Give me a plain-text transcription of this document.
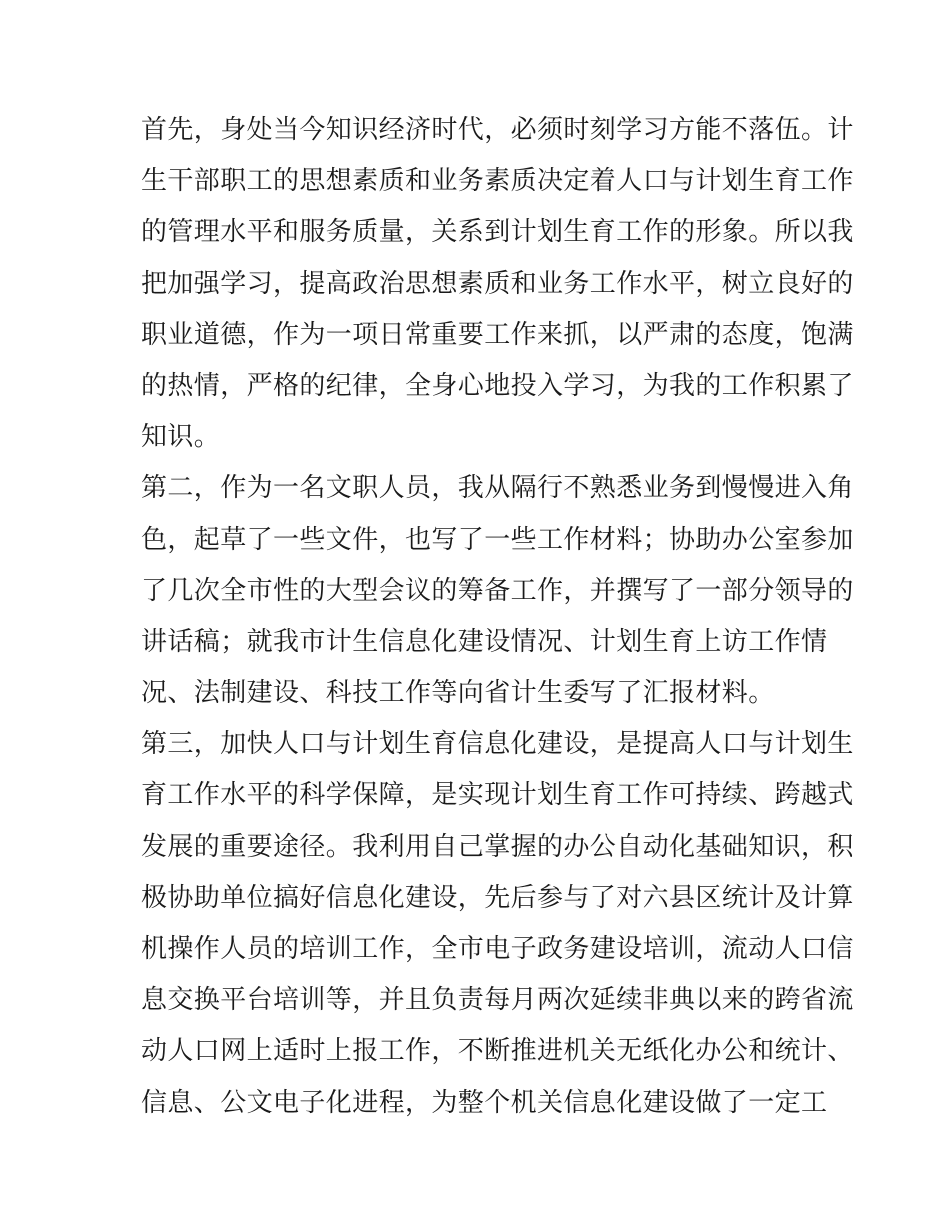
首先，身处当今知识经济时代，必须时刻学习方能不落伍。计
生干部职工的思想素质和业务素质决定着人口与计划生育工作
的管理水平和服务质量，关系到计划生育工作的形象。所以我
把加强学习，提高政治思想素质和业务工作水平，树立良好的
职业道德，作为一项日常重要工作来抓，以严肃的态度，饱满
的热情，严格的纪律，全身心地投入学习，为我的工作积累了
知识。
第二，作为一名文职人员，我从隔行不熟悉业务到慢慢进入角
色，起草了一些文件，也写了一些工作材料；协助办公室参加
了几次全市性的大型会议的筹备工作，并撰写了一部分领导的
讲话稿；就我市计生信息化建设情况、计划生育上访工作情
况、法制建设、科技工作等向省计生委写了汇报材料。
第三，加快人口与计划生育信息化建设，是提高人口与计划生
育工作水平的科学保障，是实现计划生育工作可持续、跨越式
发展的重要途径。我利用自己掌握的办公自动化基础知识，积
极协助单位搞好信息化建设，先后参与了对六县区统计及计算
机操作人员的培训工作，全市电子政务建设培训，流动人口信
息交换平台培训等，并且负责每月两次延续非典以来的跨省流
动人口网上适时上报工作，不断推进机关无纸化办公和统计、
信息、公文电子化进程，为整个机关信息化建设做了一定工
